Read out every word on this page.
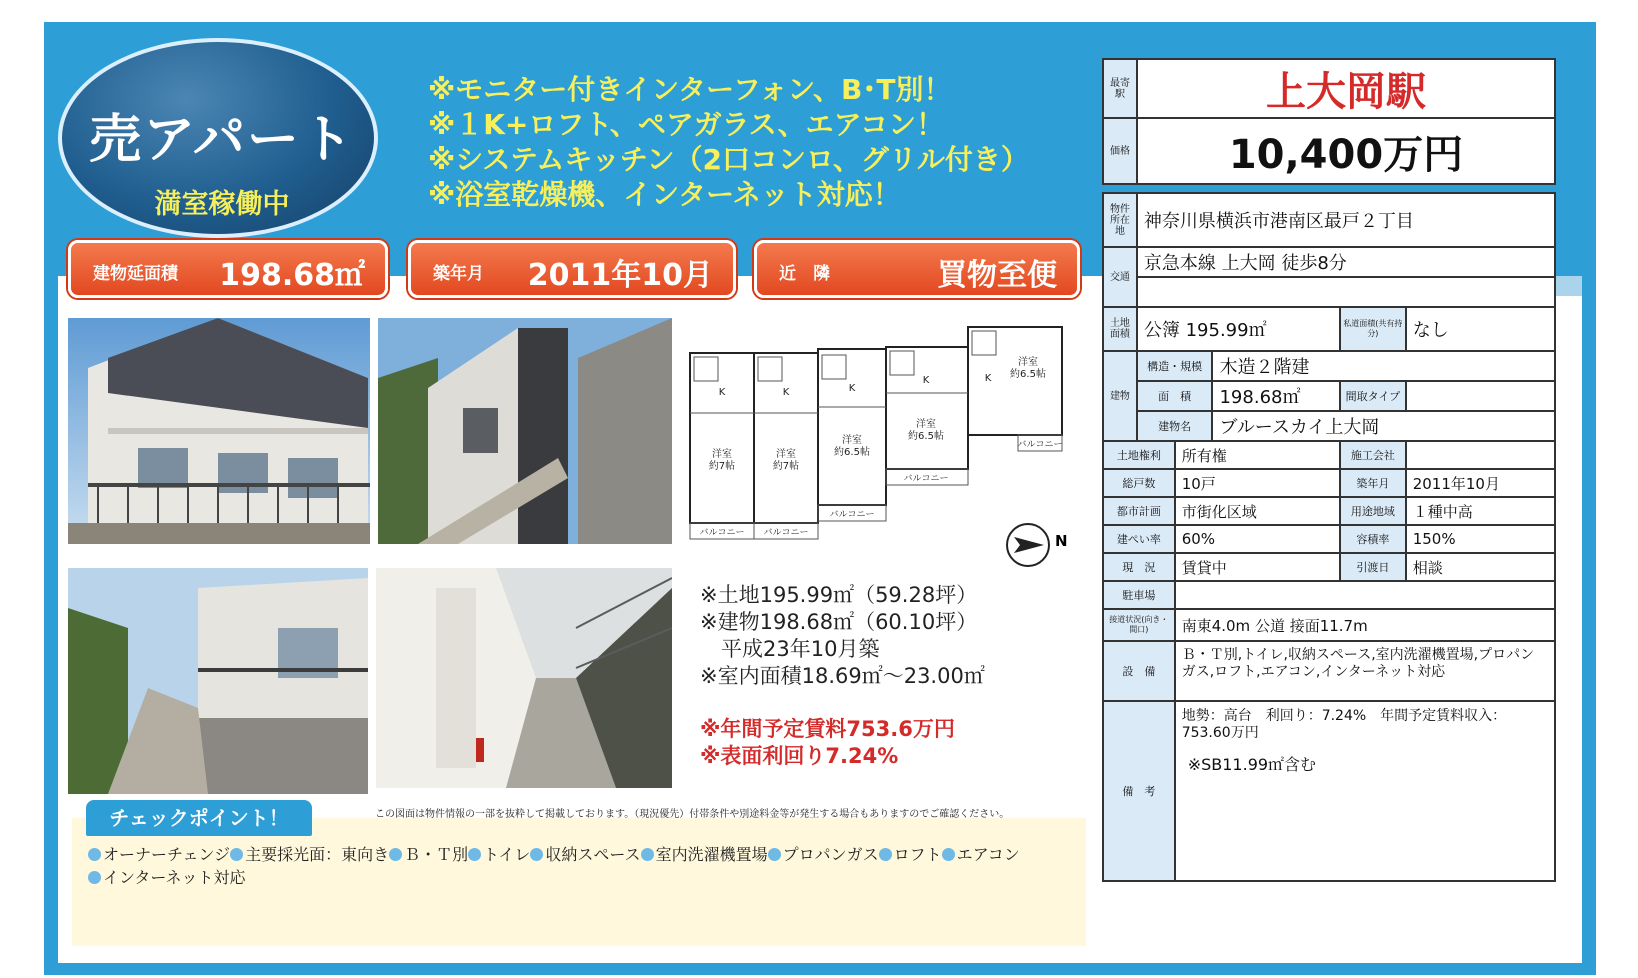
売アパート
満室稼働中
※モニター付きインターフォン、B･T別！
※１K+ロフト、ペアガラス、エアコン！
※システムキッチン（2口コンロ、グリル付き）
※浴室乾燥機、インターネット対応！
建物延面積 198.68㎡	築年月 2011年10月	近　隣	買物至便
洋室
約7帖
洋室
約7帖
洋室
約6.5帖
洋室
約6.5帖
洋室
約6.5帖
K	K	K
K	K
バルコニー バルコニー
バルコニー
バルコニー
バルコニー
N
※土地195.99㎡（59.28坪）
※建物198.68㎡（60.10坪）
　平成23年10月築
※室内面積18.69㎡～23.00㎡
※年間予定賃料753.6万円
※表面利回り7.24%
チェックポイント！	この図面は物件情報の一部を抜粋して掲載しております。（現況優先）付帯条件や別途料金等が発生する場合もありますのでご確認ください。
オーナーチェンジ 主要採光面：東向き Ｂ・Ｔ別 トイレ 収納スペース 室内洗濯機置場 プロパンガス ロフト エアコン
インターネット対応
最寄駅	上大岡駅
価格	10,400万円
物件所在地	神奈川県横浜市港南区最戸２丁目				
交通	京急本線 上大岡 徒歩8分				

土地面積	公簿 195.99㎡			私道面積(共有持分)	なし
建物	構造・規模		木造２階建		
	面　積		198.68㎡	間取タイプ	
	建物名		ブルースカイ上大岡		
土地権利		所有権		施工会社	
総戸数		10戸		築年月	2011年10月
都市計画		市街化区域		用途地域	１種中高
建ぺい率		60%		容積率	150%
現　況		賃貸中		引渡日	相談
駐車場					
接道状況(向き・間口)		南東4.0m 公道 接面11.7m			
設　備		Ｂ・Ｔ別,トイレ,収納スペース,室内洗濯機置場,プロパンガス,ロフト,エアコン,インターネット対応			
備　考		地勢：高台　利回り：7.24%　年間予定賃料収入：753.60万円
※SB11.99㎡含む			
